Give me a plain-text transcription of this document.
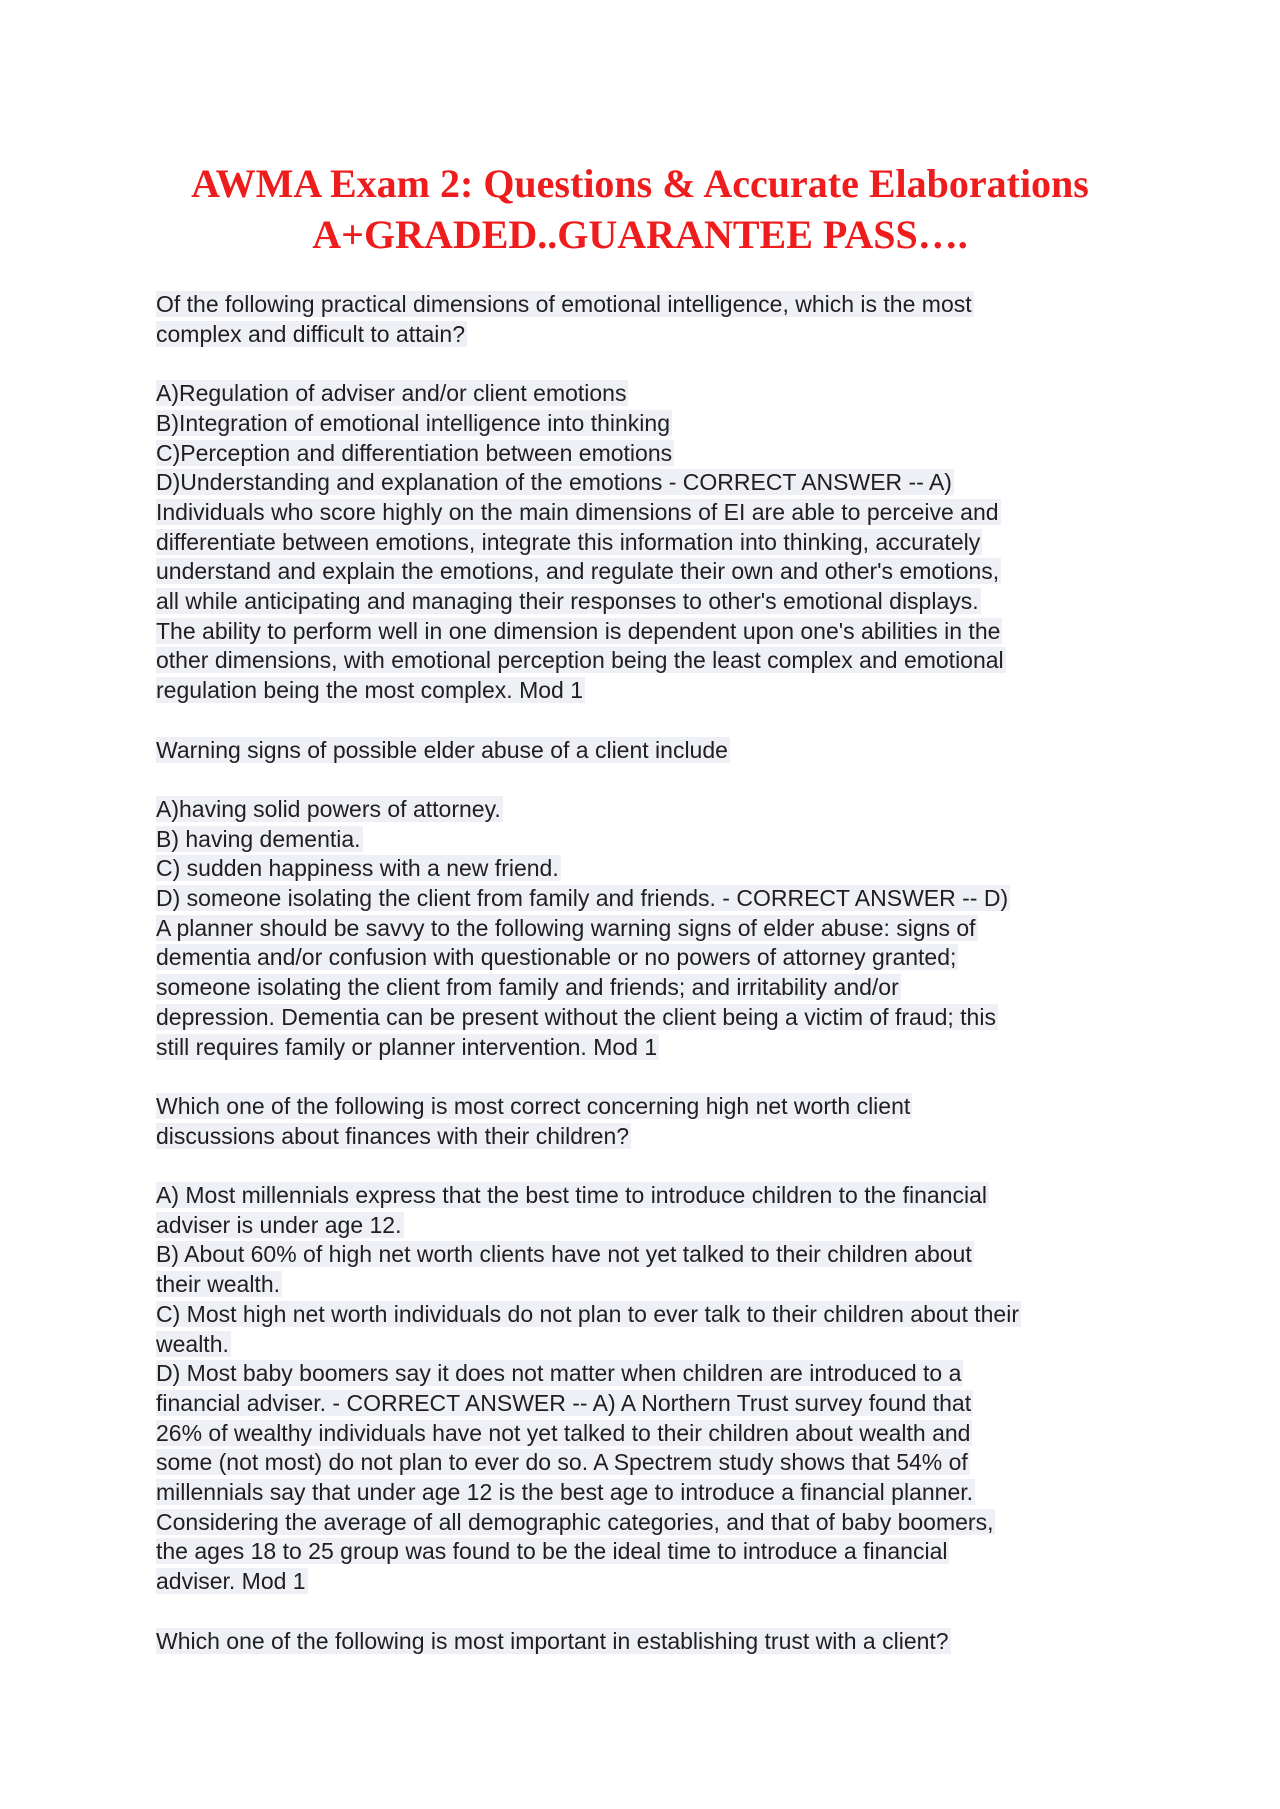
AWMA Exam 2: Questions & Accurate Elaborations
A+GRADED..GUARANTEE PASS….
Of the following practical dimensions of emotional intelligence, which is the most
complex and difficult to attain?
A)Regulation of adviser and/or client emotions
B)Integration of emotional intelligence into thinking
C)Perception and differentiation between emotions
D)Understanding and explanation of the emotions - CORRECT ANSWER -- A)
Individuals who score highly on the main dimensions of EI are able to perceive and
differentiate between emotions, integrate this information into thinking, accurately
understand and explain the emotions, and regulate their own and other's emotions,
all while anticipating and managing their responses to other's emotional displays.
The ability to perform well in one dimension is dependent upon one's abilities in the
other dimensions, with emotional perception being the least complex and emotional
regulation being the most complex. Mod 1
Warning signs of possible elder abuse of a client include
A)having solid powers of attorney.
B) having dementia.
C) sudden happiness with a new friend.
D) someone isolating the client from family and friends. - CORRECT ANSWER -- D)
A planner should be savvy to the following warning signs of elder abuse: signs of
dementia and/or confusion with questionable or no powers of attorney granted;
someone isolating the client from family and friends; and irritability and/or
depression. Dementia can be present without the client being a victim of fraud; this
still requires family or planner intervention. Mod 1
Which one of the following is most correct concerning high net worth client
discussions about finances with their children?
A) Most millennials express that the best time to introduce children to the financial
adviser is under age 12.
B) About 60% of high net worth clients have not yet talked to their children about
their wealth.
C) Most high net worth individuals do not plan to ever talk to their children about their
wealth.
D) Most baby boomers say it does not matter when children are introduced to a
financial adviser. - CORRECT ANSWER -- A) A Northern Trust survey found that
26% of wealthy individuals have not yet talked to their children about wealth and
some (not most) do not plan to ever do so. A Spectrem study shows that 54% of
millennials say that under age 12 is the best age to introduce a financial planner.
Considering the average of all demographic categories, and that of baby boomers,
the ages 18 to 25 group was found to be the ideal time to introduce a financial
adviser. Mod 1
Which one of the following is most important in establishing trust with a client?
